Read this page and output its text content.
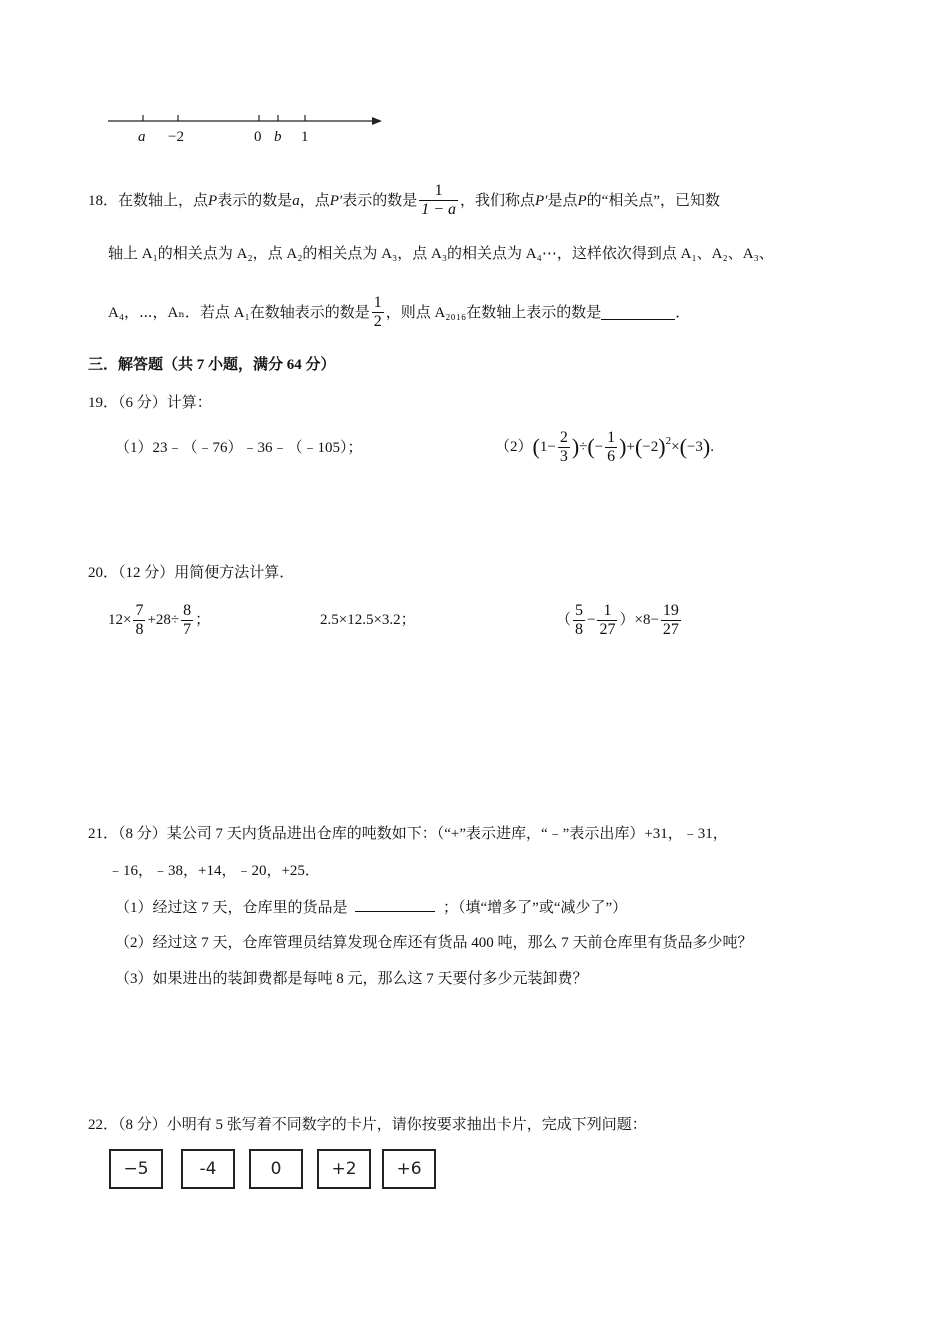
a −2	0 b 1
18． 在数轴上，点 P 表示的数是 a ，点 P′ 表示的数是 $\frac{1}{1 - a}$ ，我们称点 P′ 是点 P 的“相关点”，已知数
轴上 A₁的相关点为 A₂，点 A₂的相关点为 A₃，点 A₃的相关点为 A₄⋯，这样依次得到点 A₁、A₂、A₃、
A₄，⋯，Aₙ．若点 A₁在数轴表示的数是 $\frac{1}{2}$ ，则点 A₂₀₁₆在数轴上表示的数是	．
三．解答题（共 7 小题，满分 64 分）
19．（6 分）计算：
（1）23﹣（﹣76）﹣36﹣（﹣105）；	（2） ( $1- \frac{2}{3}$ ) ÷ ( − $\frac{1}{6}$ ) + ( −2 )$^2$ × ( −3 ) .
20．（12 分）用简便方法计算．
$12\times \frac{7}{8} +28\div \frac{8}{7}$ ；	2.5×12.5×3.2；	（ $\frac{5}{8} - \frac{1}{27} )\times 8- \frac{19}{27}$
21．（8 分）某公司 7 天内货品进出仓库的吨数如下：（“+”表示进库，“﹣”表示出库）+31，﹣31，
﹣16，﹣38，+14，﹣20，+25．
（1）经过这 7 天，仓库里的货品是	；（填“增多了”或“减少了”）
（2）经过这 7 天，仓库管理员结算发现仓库还有货品 400 吨，那么 7 天前仓库里有货品多少吨？
（3）如果进出的装卸费都是每吨 8 元，那么这 7 天要付多少元装卸费？
22．（8 分）小明有 5 张写着不同数字的卡片，请你按要求抽出卡片，完成下列问题：
−5	-4	0	+2	+6
